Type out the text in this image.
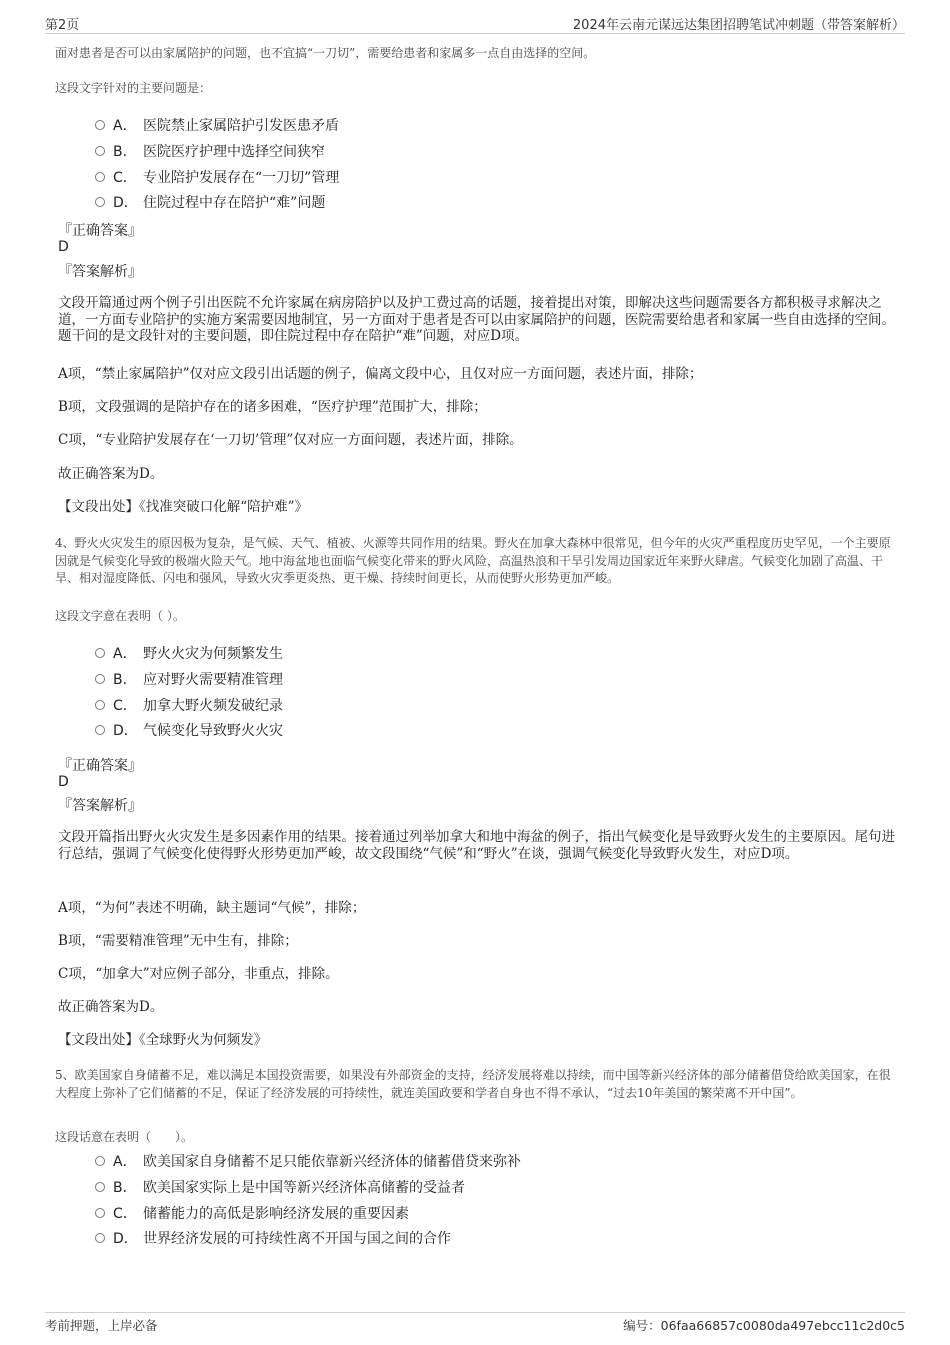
第2页	2024年云南元谋远达集团招聘笔试冲刺题（带答案解析）
面对患者是否可以由家属陪护的问题，也不宜搞“一刀切”，需要给患者和家属多一点自由选择的空间。
这段文字针对的主要问题是：
A． 医院禁止家属陪护引发医患矛盾
B． 医院医疗护理中选择空间狭窄
C． 专业陪护发展存在“一刀切”管理
D． 住院过程中存在陪护“难”问题
『正确答案』
D
『答案解析』
文段开篇通过两个例子引出医院不允许家属在病房陪护以及护工费过高的话题，接着提出对策，即解决这些问题需要各方都积极寻求解决之道，一方面专业陪护的实施方案需要因地制宜，另一方面对于患者是否可以由家属陪护的问题，医院需要给患者和家属一些自由选择的空间。题干问的是文段针对的主要问题，即住院过程中存在陪护“难”问题，对应D项。
A项，“禁止家属陪护”仅对应文段引出话题的例子，偏离文段中心，且仅对应一方面问题，表述片面，排除；
B项，文段强调的是陪护存在的诸多困难，“医疗护理”范围扩大，排除；
C项，“专业陪护发展存在‘一刀切’管理”仅对应一方面问题，表述片面，排除。
故正确答案为D。
【文段出处】《找准突破口化解“陪护难”》
4、野火火灾发生的原因极为复杂，是气候、天气、植被、火源等共同作用的结果。野火在加拿大森林中很常见，但今年的火灾严重程度历史罕见，一个主要原因就是气候变化导致的极端火险天气。地中海盆地也面临气候变化带来的野火风险，高温热浪和干旱引发周边国家近年来野火肆虐。气候变化加剧了高温、干旱、相对湿度降低、闪电和强风，导致火灾季更炎热、更干燥、持续时间更长，从而使野火形势更加严峻。
这段文字意在表明（ ）。
A． 野火火灾为何频繁发生
B． 应对野火需要精准管理
C． 加拿大野火频发破纪录
D． 气候变化导致野火火灾
『正确答案』
D
『答案解析』
文段开篇指出野火火灾发生是多因素作用的结果。接着通过列举加拿大和地中海盆的例子，指出气候变化是导致野火发生的主要原因。尾句进行总结，强调了气候变化使得野火形势更加严峻，故文段围绕“气候”和“野火”在谈，强调气候变化导致野火发生，对应D项。
A项，“为何”表述不明确，缺主题词“气候”，排除；
B项，“需要精准管理”无中生有，排除；
C项，“加拿大”对应例子部分，非重点，排除。
故正确答案为D。
【文段出处】《全球野火为何频发》
5、欧美国家自身储蓄不足，难以满足本国投资需要，如果没有外部资金的支持，经济发展将难以持续，而中国等新兴经济体的部分储蓄借贷给欧美国家，在很大程度上弥补了它们储蓄的不足，保证了经济发展的可持续性，就连美国政要和学者自身也不得不承认，“过去10年美国的繁荣离不开中国”。
这段话意在表明（　　）。
A． 欧美国家自身储蓄不足只能依靠新兴经济体的储蓄借贷来弥补
B． 欧美国家实际上是中国等新兴经济体高储蓄的受益者
C． 储蓄能力的高低是影响经济发展的重要因素
D． 世界经济发展的可持续性离不开国与国之间的合作
考前押题，上岸必备	编号：06faa66857c0080da497ebcc11c2d0c5
